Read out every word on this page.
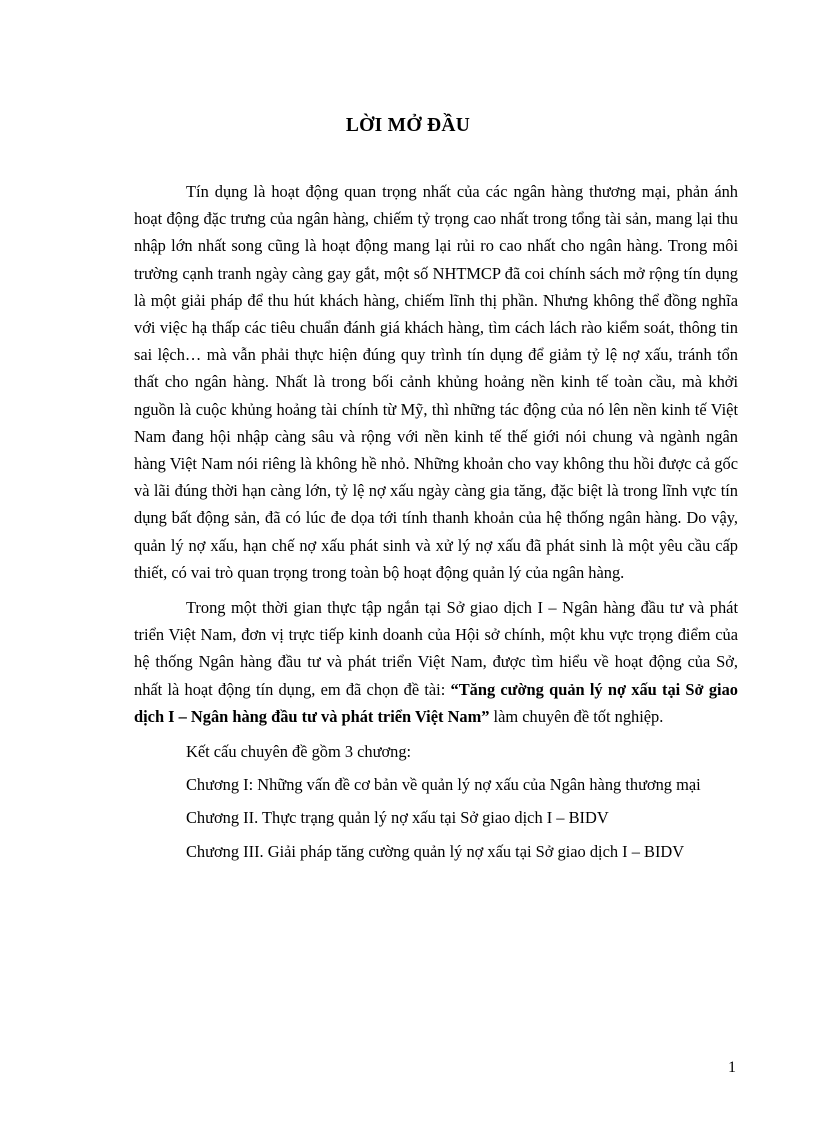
LỜI MỞ ĐẦU

Tín dụng là hoạt động quan trọng nhất của các ngân hàng thương mại, phản ánh hoạt động đặc trưng của ngân hàng, chiếm tỷ trọng cao nhất trong tổng tài sản, mang lại thu nhập lớn nhất song cũng là hoạt động mang lại rủi ro cao nhất cho ngân hàng. Trong môi trường cạnh tranh ngày càng gay gắt, một số NHTMCP đã coi chính sách mở rộng tín dụng là một giải pháp để thu hút khách hàng, chiếm lĩnh thị phần. Nhưng không thể đồng nghĩa với việc hạ thấp các tiêu chuẩn đánh giá khách hàng, tìm cách lách rào kiểm soát, thông tin sai lệch… mà vẫn phải thực hiện đúng quy trình tín dụng để giảm tỷ lệ nợ xấu, tránh tổn thất cho ngân hàng. Nhất là trong bối cảnh khủng hoảng nền kinh tế toàn cầu, mà khởi nguồn là cuộc khủng hoảng tài chính từ Mỹ, thì những tác động của nó lên nền kinh tế Việt Nam đang hội nhập càng sâu và rộng với nền kinh tế thế giới nói chung và ngành ngân hàng Việt Nam nói riêng là không hề nhỏ. Những khoản cho vay không thu hồi được cả gốc và lãi đúng thời hạn càng lớn, tỷ lệ nợ xấu ngày càng gia tăng, đặc biệt là trong lĩnh vực tín dụng bất động sản, đã có lúc đe dọa tới tính thanh khoản của hệ thống ngân hàng. Do vậy, quản lý nợ xấu, hạn chế nợ xấu phát sinh và xử lý nợ xấu đã phát sinh là một yêu cầu cấp thiết, có vai trò quan trọng trong toàn bộ hoạt động quản lý của ngân hàng.

Trong một thời gian thực tập ngắn tại Sở giao dịch I – Ngân hàng đầu tư và phát triển Việt Nam, đơn vị trực tiếp kinh doanh của Hội sở chính, một khu vực trọng điểm của hệ thống Ngân hàng đầu tư và phát triển Việt Nam, được tìm hiểu về hoạt động của Sở, nhất là hoạt động tín dụng, em đã chọn đề tài: “Tăng cường quản lý nợ xấu tại Sở giao dịch I – Ngân hàng đầu tư và phát triển Việt Nam” làm chuyên đề tốt nghiệp.

Kết cấu chuyên đề gồm 3 chương:

Chương I: Những vấn đề cơ bản về quản lý nợ xấu của Ngân hàng thương mại

Chương II. Thực trạng quản lý nợ xấu tại Sở giao dịch I – BIDV

Chương III. Giải pháp tăng cường quản lý nợ xấu tại Sở giao dịch I – BIDV

1
